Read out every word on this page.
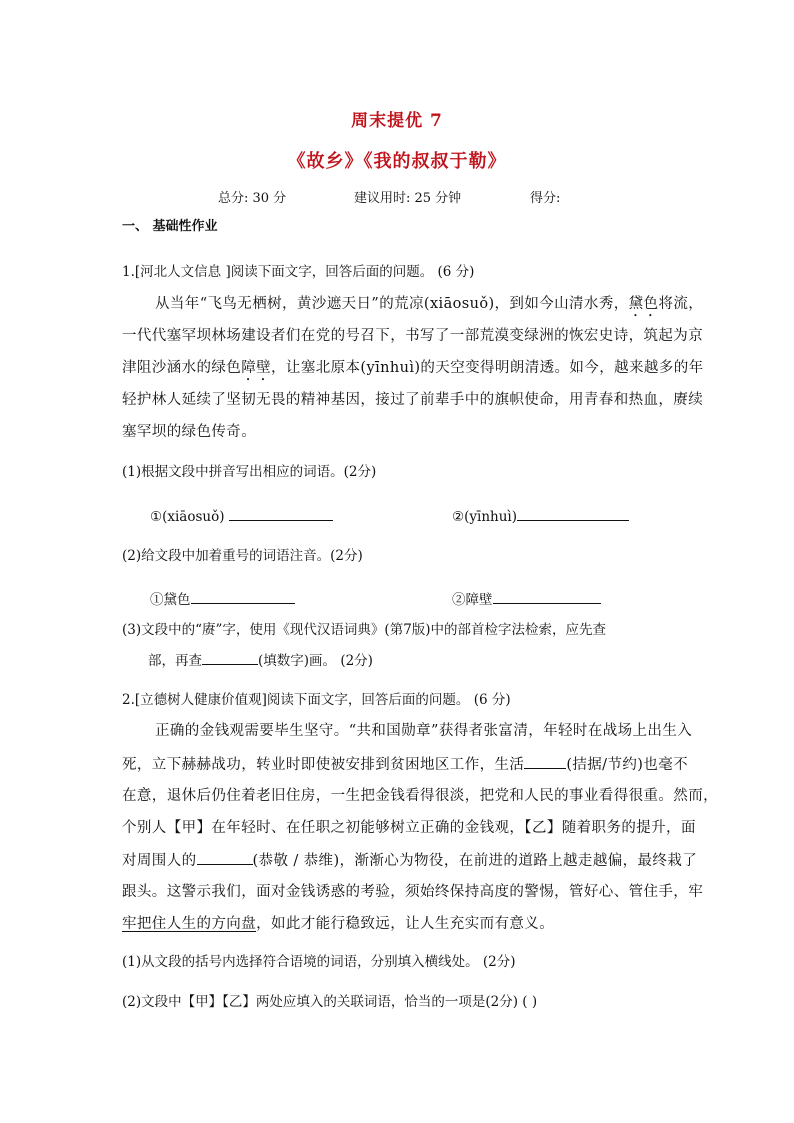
周末提优 7
《故乡》《我的叔叔于勒》
总分: 30 分	建议用时: 25 分钟	得分:
一、 基础性作业
1.[河北人文信息 ]阅读下面文字，回答后面的问题。 (6 分)
从当年“飞鸟无栖树，黄沙遮天日”的荒凉(xiāosuǒ)，到如今山清水秀，黛色将流，
一代代塞罕坝林场建设者们在党的号召下，书写了一部荒漠变绿洲的恢宏史诗，筑起为京
津阻沙涵水的绿色障壁，让塞北原本(yīnhuì)的天空变得明朗清透。如今，越来越多的年
轻护林人延续了坚韧无畏的精神基因，接过了前辈手中的旗帜使命，用青春和热血，赓续
塞罕坝的绿色传奇。
(1)根据文段中拼音写出相应的词语。(2分)
①(xiāosuǒ)	②(yīnhuì)
(2)给文段中加着重号的词语注音。(2分)
①黛色	②障壁
(3)文段中的“赓”字，使用《现代汉语词典》(第7版)中的部首检字法检索，应先查
部，再查	(填数字)画。 (2分)
2.[立德树人健康价值观]阅读下面文字，回答后面的问题。 (6 分)
正确的金钱观需要毕生坚守。“共和国勋章”获得者张富清，年轻时在战场上出生入
死，立下赫赫战功，转业时即使被安排到贫困地区工作，生活	(拮据/节约)也毫不
在意，退休后仍住着老旧住房，一生把金钱看得很淡，把党和人民的事业看得很重。然而，
个别人【甲】在年轻时、在任职之初能够树立正确的金钱观，【乙】随着职务的提升，面
对周围人的	(恭敬 / 恭维)，渐渐心为物役，在前进的道路上越走越偏，最终栽了
跟头。这警示我们，面对金钱诱惑的考验，须始终保持高度的警惕，管好心、管住手，牢
牢把住人生的方向盘，如此才能行稳致远，让人生充实而有意义。
(1)从文段的括号内选择符合语境的词语，分别填入横线处。 (2分)
(2)文段中【甲】【乙】两处应填入的关联词语，恰当的一项是(2分) ( )
